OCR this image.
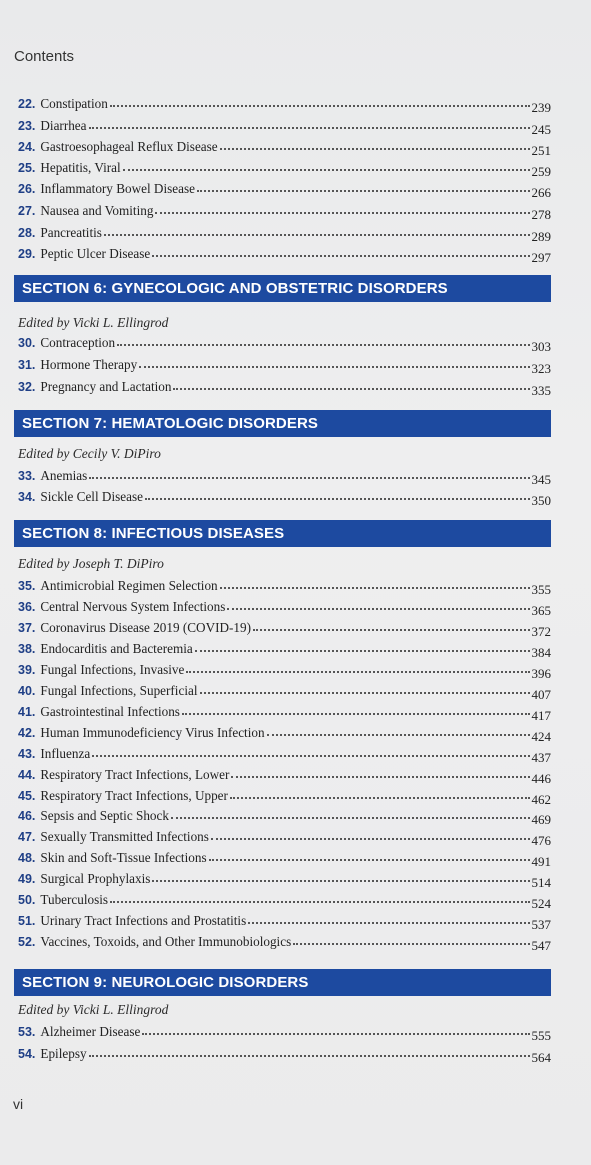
Contents
22. Constipation	239
23. Diarrhea	245
24. Gastroesophageal Reflux Disease	251
25. Hepatitis, Viral	259
26. Inflammatory Bowel Disease	266
27. Nausea and Vomiting	278
28. Pancreatitis	289
29. Peptic Ulcer Disease	297
SECTION 6: GYNECOLOGIC AND OBSTETRIC DISORDERS
Edited by Vicki L. Ellingrod
30. Contraception	303
31. Hormone Therapy	323
32. Pregnancy and Lactation	335
SECTION 7: HEMATOLOGIC DISORDERS
Edited by Cecily V. DiPiro
33. Anemias	345
34. Sickle Cell Disease	350
SECTION 8: INFECTIOUS DISEASES
Edited by Joseph T. DiPiro
35. Antimicrobial Regimen Selection	355
36. Central Nervous System Infections	365
37. Coronavirus Disease 2019 (COVID-19)	372
38. Endocarditis and Bacteremia	384
39. Fungal Infections, Invasive	396
40. Fungal Infections, Superficial	407
41. Gastrointestinal Infections	417
42. Human Immunodeficiency Virus Infection	424
43. Influenza	437
44. Respiratory Tract Infections, Lower	446
45. Respiratory Tract Infections, Upper	462
46. Sepsis and Septic Shock	469
47. Sexually Transmitted Infections	476
48. Skin and Soft-Tissue Infections	491
49. Surgical Prophylaxis	514
50. Tuberculosis	524
51. Urinary Tract Infections and Prostatitis	537
52. Vaccines, Toxoids, and Other Immunobiologics	547
SECTION 9: NEUROLOGIC DISORDERS
Edited by Vicki L. Ellingrod
53. Alzheimer Disease	555
54. Epilepsy	564
vi
